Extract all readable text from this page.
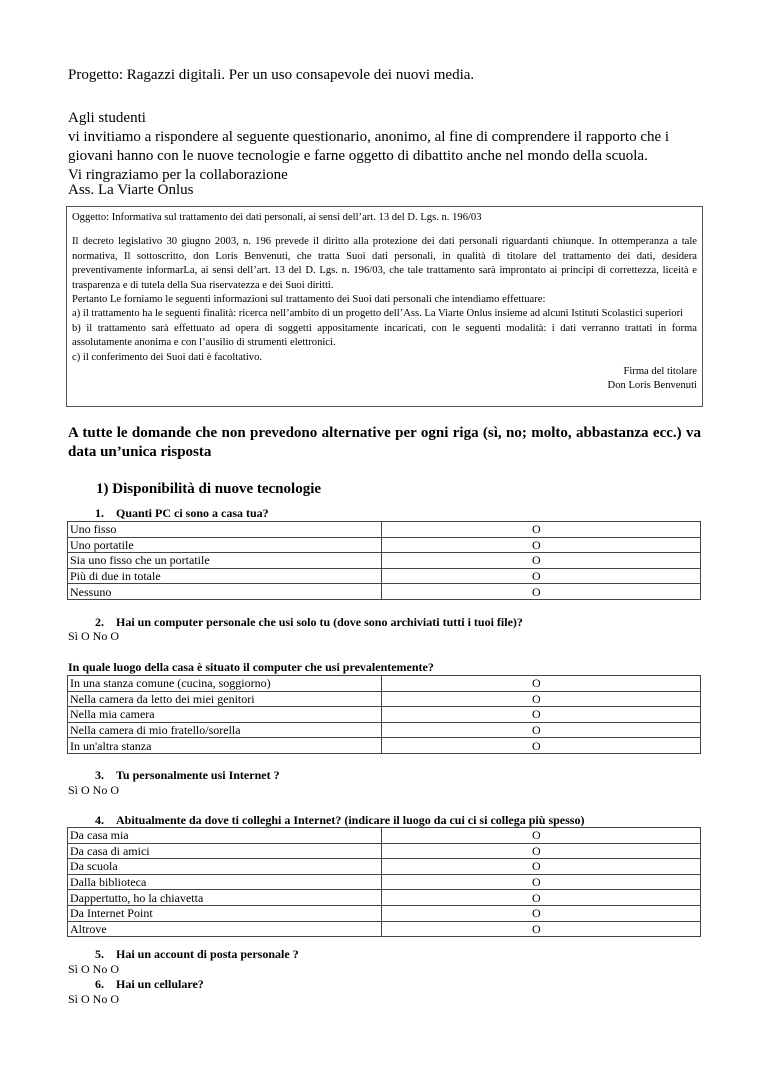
Progetto: Ragazzi digitali. Per un uso consapevole dei nuovi media.
Agli studenti
vi invitiamo a rispondere al seguente questionario, anonimo, al fine di comprendere il rapporto che i
giovani hanno con le nuove tecnologie e farne oggetto di dibattito anche nel mondo della scuola.
Vi ringraziamo per la collaborazione
Ass. La Viarte Onlus

Oggetto: Informativa sul trattamento dei dati personali, ai sensi dell’art. 13 del D. Lgs. n. 196/03

Il decreto legislativo 30 giugno 2003, n. 196 prevede il diritto alla protezione dei dati personali riguardanti chiunque. In ottemperanza a tale normativa, Il sottoscritto, don Loris Benvenuti, che tratta Suoi dati personali, in qualità di titolare del trattamento dei dati, desidera preventivamente informarLa, ai sensi dell’art. 13 del D. Lgs. n. 196/03, che tale trattamento sarà improntato ai principi di correttezza, liceità e trasparenza e di tutela della Sua riservatezza e dei Suoi diritti.

Pertanto Le forniamo le seguenti informazioni sul trattamento dei Suoi dati personali che intendiamo effettuare:

a) il trattamento ha le seguenti finalità: ricerca nell’ambito di un progetto dell’Ass. La Viarte Onlus insieme ad alcuni Istituti Scolastici superiori

b) il trattamento sarà effettuato ad opera di soggetti appositamente incaricati, con le seguenti modalità: i dati verranno trattati in forma assolutamente anonima e con l’ausilio di strumenti elettronici.

c) il conferimento dei Suoi dati è facoltativo.

Firma del titolare

Don Loris Benvenuti

A tutte le domande che non prevedono alternative per ogni riga (sì, no; molto, abbastanza ecc.) va data un’unica risposta
1) Disponibilità di nuove tecnologie
1. Quanti PC ci sono a casa tua?
Uno fisso	O
Uno portatile	O
Sia uno fisso che un portatile	O
Più di due in totale	O
Nessuno	O
2. Hai un computer personale che usi solo tu (dove sono archiviati tutti i tuoi file)?
Sì O No O
In quale luogo della casa è situato il computer che usi prevalentemente?
In una stanza comune (cucina, soggiorno)	O
Nella camera da letto dei miei genitori	O
Nella mia camera	O
Nella camera di mio fratello/sorella	O
In un'altra stanza	O
3. Tu personalmente usi Internet ?
Sì O No O
4. Abitualmente da dove ti colleghi a Internet? (indicare il luogo da cui ci si collega più spesso)
Da casa mia	O
Da casa di amici	O
Da scuola	O
Dalla biblioteca	O
Dappertutto, ho la chiavetta	O
Da Internet Point	O
Altrove	O
5. Hai un account di posta personale ?
Sì O No O
6. Hai un cellulare?
Sì O No O
